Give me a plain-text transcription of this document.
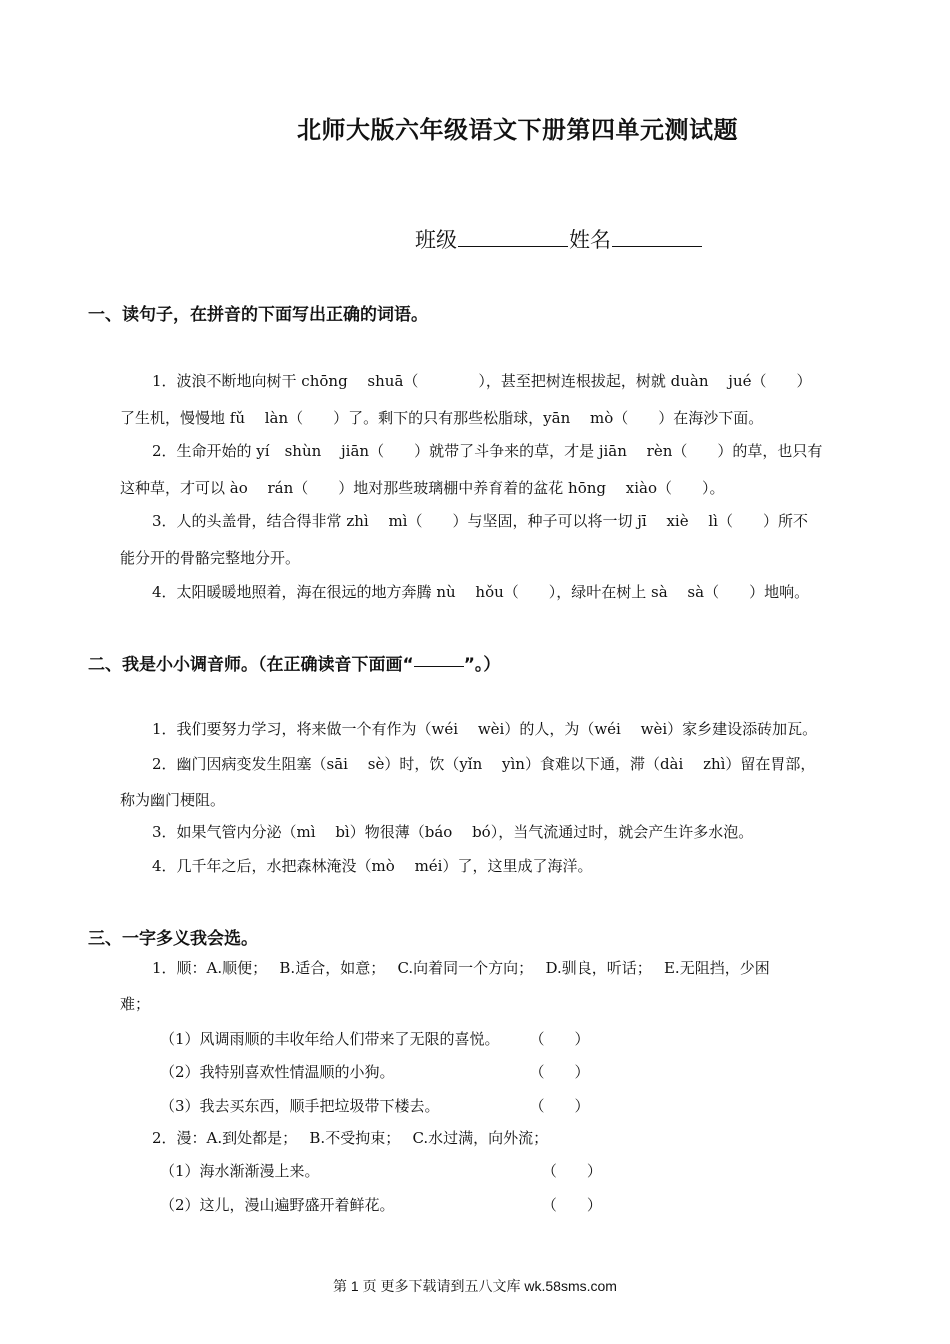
北师大版六年级语文下册第四单元测试题
班级	姓名
一、读句子，在拼音的下面写出正确的词语。
1．波浪不断地向树干 chōng　 shuā（　　　　），甚至把树连根拔起，树就 duàn　 jué（　　）
了生机，慢慢地 fǔ　 làn（　　）了。剩下的只有那些松脂球，yān　 mò（　　）在海沙下面。
2．生命开始的 yí　shùn　 jiān（　　）就带了斗争来的草，才是 jiān　 rèn（　　）的草，也只有
这种草，才可以 ào　 rán（　　）地对那些玻璃棚中养育着的盆花 hōng　 xiào（　　）。
3．人的头盖骨，结合得非常 zhì　 mì（　　）与坚固，种子可以将一切 jī　 xiè　 lì（　　）所不
能分开的骨骼完整地分开。
4．太阳暖暖地照着，海在很远的地方奔腾 nù　 hǒu（　　），绿叶在树上 sà　 sà（　　）地响。
二、我是小小调音师。（在正确读音下面画“	”。）
1．我们要努力学习，将来做一个有作为（wéi　 wèi）的人，为（wéi　 wèi）家乡建设添砖加瓦。
2．幽门因病变发生阻塞（sāi　 sè）时，饮（yǐn　 yìn）食难以下通，滞（dài　 zhì）留在胃部，
称为幽门梗阻。
3．如果气管内分泌（mì　 bì）物很薄（báo　 bó），当气流通过时，就会产生许多水泡。
4．几千年之后，水把森林淹没（mò　 méi）了，这里成了海洋。
三、一字多义我会选。
1．顺：A.顺便；　 B.适合，如意；　 C.向着同一个方向；　 D.驯良，听话；　 E.无阻挡，少困
难；
（1）风调雨顺的丰收年给人们带来了无限的喜悦。　　　（　　）
（2）我特别喜欢性情温顺的小狗。　　　　　　　　　　（　　）
（3）我去买东西，顺手把垃圾带下楼去。　　　　　　　（　　）
2．漫：A.到处都是；　 B.不受拘束；　 C.水过满，向外流；
（1）海水渐渐漫上来。　　　　　　　　　　　　　　　 （　　）
（2）这儿，漫山遍野盛开着鲜花。　　　　　　　　　　 （　　）
第 1 页 更多下载请到五八文库 wk.58sms.com
